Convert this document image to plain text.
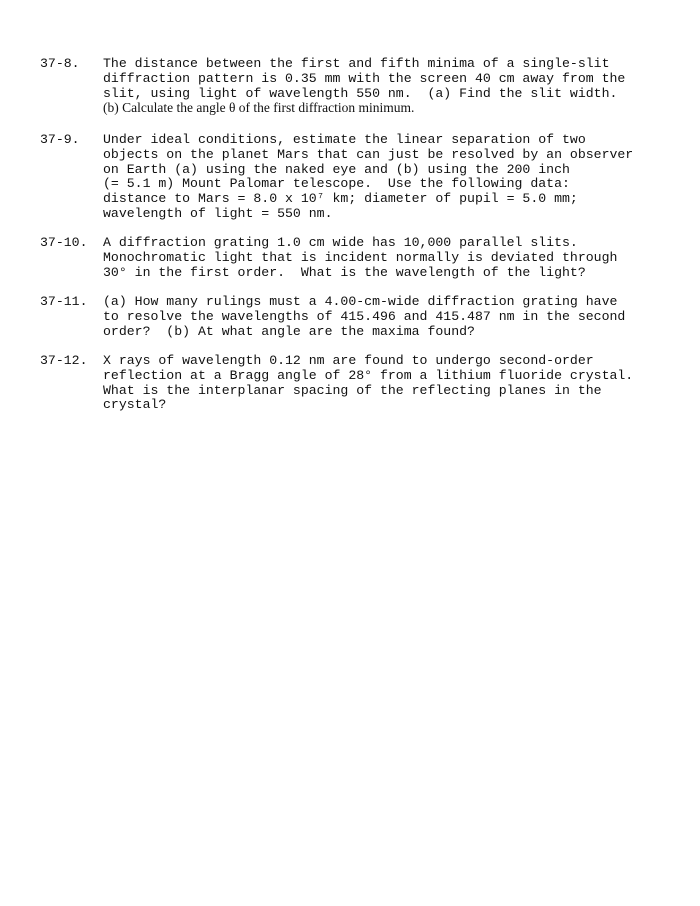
37-8. The distance between the first and fifth minima of a single-slit
diffraction pattern is 0.35 mm with the screen 40 cm away from the
slit, using light of wavelength 550 nm.  (a) Find the slit width.
(b) Calculate the angle θ of the first diffraction minimum.
37-9. Under ideal conditions, estimate the linear separation of two
objects on the planet Mars that can just be resolved by an observer
on Earth (a) using the naked eye and (b) using the 200 inch
(= 5.1 m) Mount Palomar telescope.  Use the following data:
distance to Mars = 8.0 x 10⁷ km; diameter of pupil = 5.0 mm;
wavelength of light = 550 nm.
37-10. A diffraction grating 1.0 cm wide has 10,000 parallel slits.
Monochromatic light that is incident normally is deviated through
30° in the first order.  What is the wavelength of the light?
37-11. (a) How many rulings must a 4.00-cm-wide diffraction grating have
to resolve the wavelengths of 415.496 and 415.487 nm in the second
order?  (b) At what angle are the maxima found?
37-12. X rays of wavelength 0.12 nm are found to undergo second-order
reflection at a Bragg angle of 28° from a lithium fluoride crystal.
What is the interplanar spacing of the reflecting planes in the
crystal?
